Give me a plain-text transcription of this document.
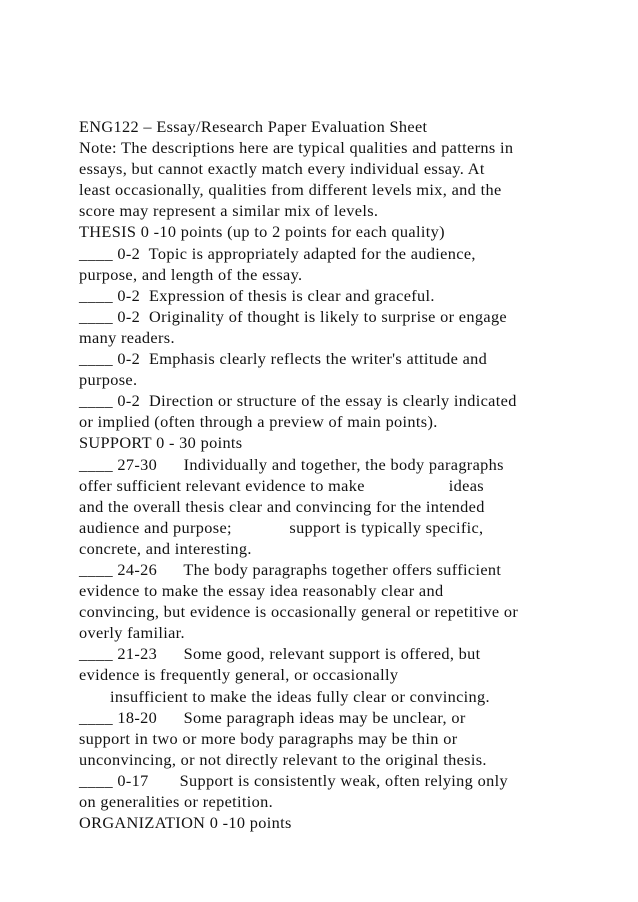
ENG122 – Essay/Research Paper Evaluation Sheet
Note: The descriptions here are typical qualities and patterns in
essays, but cannot exactly match every individual essay. At
least occasionally, qualities from different levels mix, and the
score may represent a similar mix of levels.
THESIS 0 -10 points (up to 2 points for each quality)
____ 0-2  Topic is appropriately adapted for the audience,
purpose, and length of the essay.
____ 0-2  Expression of thesis is clear and graceful.
____ 0-2  Originality of thought is likely to surprise or engage
many readers.
____ 0-2  Emphasis clearly reflects the writer's attitude and
purpose.
____ 0-2  Direction or structure of the essay is clearly indicated
or implied (often through a preview of main points).
SUPPORT 0 - 30 points
____ 27-30      Individually and together, the body paragraphs
offer sufficient relevant evidence to make                   ideas
and the overall thesis clear and convincing for the intended
audience and purpose;             support is typically specific,
concrete, and interesting.
____ 24-26      The body paragraphs together offers sufficient
evidence to make the essay idea reasonably clear and
convincing, but evidence is occasionally general or repetitive or
overly familiar.
____ 21-23      Some good, relevant support is offered, but
evidence is frequently general, or occasionally
insufficient to make the ideas fully clear or convincing.
____ 18-20      Some paragraph ideas may be unclear, or
support in two or more body paragraphs may be thin or
unconvincing, or not directly relevant to the original thesis.
____ 0-17       Support is consistently weak, often relying only
on generalities or repetition.
ORGANIZATION 0 -10 points
